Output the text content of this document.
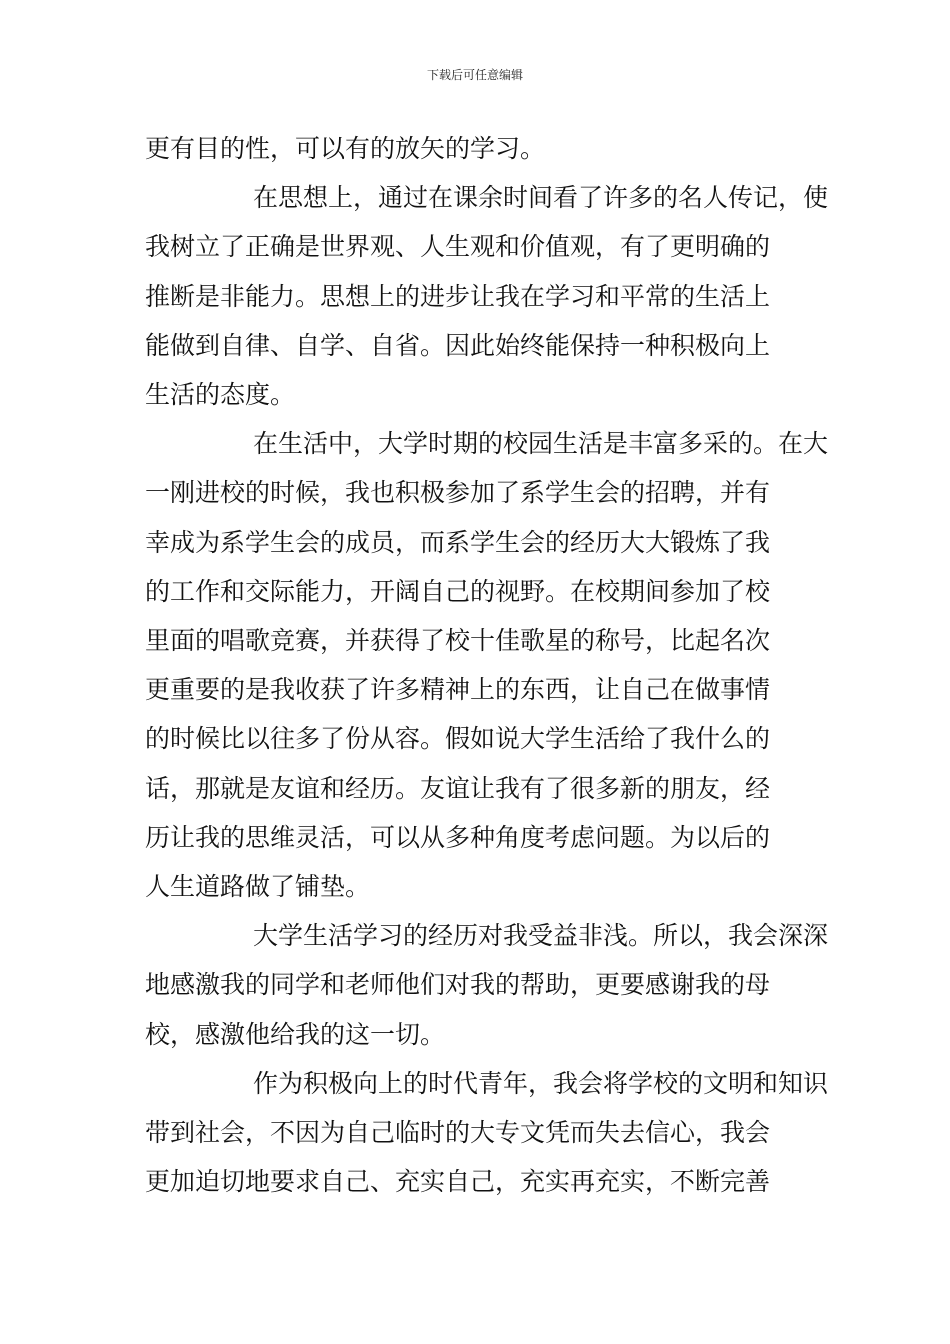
下载后可任意编辑

更有目的性，可以有的放矢的学习。

在思想上，通过在课余时间看了许多的名人传记，使
我树立了正确是世界观、人生观和价值观，有了更明确的
推断是非能力。思想上的进步让我在学习和平常的生活上
能做到自律、自学、自省。因此始终能保持一种积极向上
生活的态度。

在生活中，大学时期的校园生活是丰富多采的。在大
一刚进校的时候，我也积极参加了系学生会的招聘，并有
幸成为系学生会的成员，而系学生会的经历大大锻炼了我
的工作和交际能力，开阔自己的视野。在校期间参加了校
里面的唱歌竞赛，并获得了校十佳歌星的称号，比起名次
更重要的是我收获了许多精神上的东西，让自己在做事情
的时候比以往多了份从容。假如说大学生活给了我什么的
话，那就是友谊和经历。友谊让我有了很多新的朋友，经
历让我的思维灵活，可以从多种角度考虑问题。为以后的
人生道路做了铺垫。

大学生活学习的经历对我受益非浅。所以，我会深深
地感激我的同学和老师他们对我的帮助，更要感谢我的母
校，感激他给我的这一切。

作为积极向上的时代青年，我会将学校的文明和知识
带到社会，不因为自己临时的大专文凭而失去信心，我会
更加迫切地要求自己、充实自己，充实再充实，不断完善
